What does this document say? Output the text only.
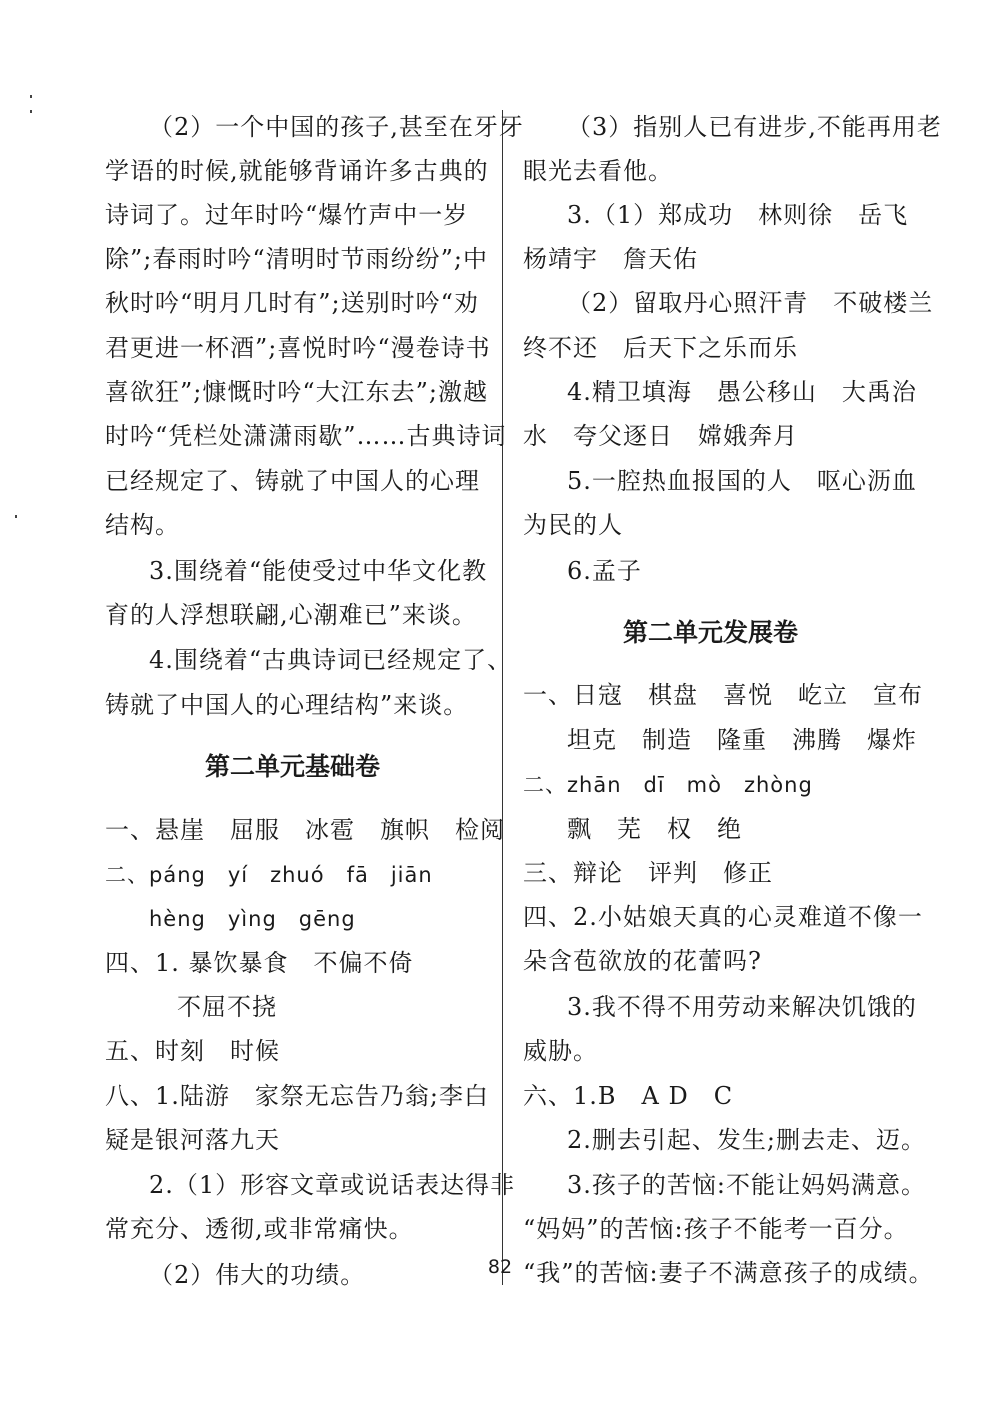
（2）一个中国的孩子,甚至在牙牙
学语的时候,就能够背诵许多古典的
诗词了。过年时吟“爆竹声中一岁
除”;春雨时吟“清明时节雨纷纷”;中
秋时吟“明月几时有”;送别时吟“劝
君更进一杯酒”;喜悦时吟“漫卷诗书
喜欲狂”;慷慨时吟“大江东去”;激越
时吟“凭栏处潇潇雨歇”……古典诗词
已经规定了、铸就了中国人的心理
结构。
3.围绕着“能使受过中华文化教
育的人浮想联翩,心潮难已”来谈。
4.围绕着“古典诗词已经规定了、
铸就了中国人的心理结构”来谈。
第二单元基础卷
一、悬崖　屈服　冰雹　旗帜　检阅
二、páng　yí　zhuó　fā　jiān
hèng　yìng　gēng
四、1. 暴饮暴食　不偏不倚
不屈不挠
五、时刻　时候
八、1.陆游　家祭无忘告乃翁;李白
疑是银河落九天
2.（1）形容文章或说话表达得非
常充分、透彻,或非常痛快。
（2）伟大的功绩。
（3）指别人已有进步,不能再用老
眼光去看他。
3.（1）郑成功　林则徐　岳飞
杨靖宇　詹天佑
（2）留取丹心照汗青　不破楼兰
终不还　后天下之乐而乐
4.精卫填海　愚公移山　大禹治
水　夸父逐日　嫦娥奔月
5.一腔热血报国的人　呕心沥血
为民的人
6.孟子
第二单元发展卷
一、日寇　棋盘　喜悦　屹立　宣布
坦克　制造　隆重　沸腾　爆炸
二、zhān　dī　mò　zhòng
飘　芜　权　绝
三、辩论　评判　修正
四、2.小姑娘天真的心灵难道不像一
朵含苞欲放的花蕾吗?
3.我不得不用劳动来解决饥饿的
威胁。
六、1.B　A D　C
2.删去引起、发生;删去走、迈。
3.孩子的苦恼:不能让妈妈满意。
“妈妈”的苦恼:孩子不能考一百分。
“我”的苦恼:妻子不满意孩子的成绩。
82
